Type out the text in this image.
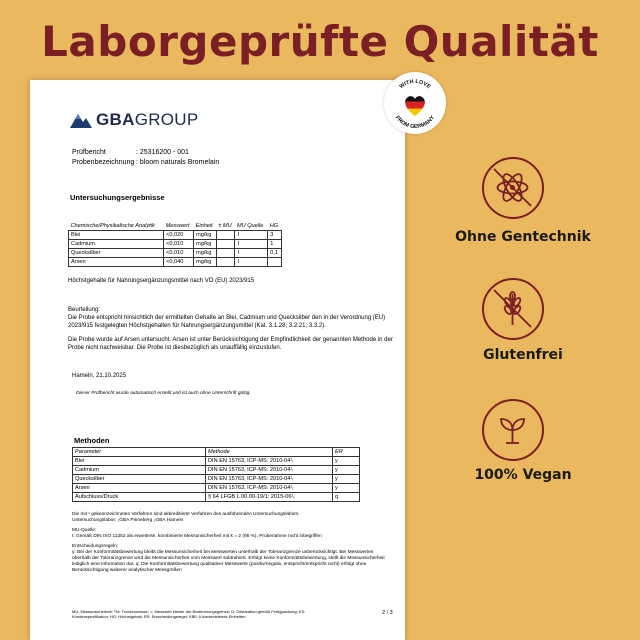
Laborgeprüfte Qualität
GBAGROUP
Prüfbericht	: 25316200 - 001
Probenbezeichnung : bloom naturals Bromelain
Untersuchungsergebnisse
Chemische/Physikalische Analytik	Messwert	Einheit	± MU	MU Quelle	HG
Blei	<0,020	mg/kg		I	3
Cadmium	<0,010	mg/kg		I	1
Quecksilber	<0,010	mg/kg		I	0,1
Arsen	<0,040	mg/kg		I	
Höchstgehalte für Nahrungsergänzungsmittel nach VO (EU) 2023/915
Beurteilung:
Die Probe entspricht hinsichtlich der ermittelten Gehalte an Blei, Cadmium und Quecksilber den in der Verordnung (EU) 2023/915 festgelegten Höchstgehalten für Nahrungsergänzungsmittel (Kat. 3.1.28; 3.2.21; 3.3.2).
Die Probe wurde auf Arsen untersucht. Arsen ist unter Berücksichtigung der Empfindlichkeit der genannten Methode in der Probe nicht nachweisbar. Die Probe ist diesbezüglich als unauffällig einzustufen.
Hameln, 21.10.2025
Dieser Prüfbericht wurde automatisch erstellt und ist auch ohne Unterschrift gültig.
Methoden
Parameter	Methode	ER
Blei	DIN EN 15763, ICP-MS: 2010-04¹₍	y
Cadmium	DIN EN 15763, ICP-MS: 2010-04¹₍	y
Quecksilber	DIN EN 15763, ICP-MS: 2010-04¹₍	y
Arsen	DIN EN 15763, ICP-MS: 2010-04¹₍	y
Aufschluss/Druck	§ 64 LFGB L 00.00-19/1: 2015-06¹₍	q
Die mit ¹ gekennzeichneten Verfahren sind akkreditierte Verfahren des ausführenden Untersuchungslabors.
Untersuchungslabor: ₁GBA Pinneberg ₂GBA Hameln
MU-Quelle:
I: Gemäß DIN ISO 11352 als erweiterte, kombinierte Messunsicherheit mit k = 2 (95 %), Probenahme nicht inbegriffen
Entscheidungsregeln:
y: Bei der Konformitätsbewertung bleibt die Messunsicherheit bei Messwerten unterhalb der Toleranzgrenze unberücksichtigt. Bei Messwerten oberhalb der Toleranzgrenze wird die Messunsicherheit vom Messwert subtrahiert. Erfolgt keine Konformitätsbewertung, stellt die Messunsicherheit lediglich eine Information dar. q: Die Konformitätsbewertung qualitativer Messwerte (positiv/negativ, entspricht/entspricht nicht) erfolgt ohne Berücksichtigung weiterer analytischer Messgrößen
MU: Messunsicherheit; TM: Trockenmasse; <: Messwert kleiner der Bestimmungsgrenze; D: Deklaration gemäß Fertigpackung; KS: Kundenspezifikation; HG: Höchstgehalt; ER: Entscheidungsregel; KBE: Koloniebildende Einheiten
2 / 3
WITH LOVE
FROM GERMANY
Ohne Gentechnik
Glutenfrei
100% Vegan
